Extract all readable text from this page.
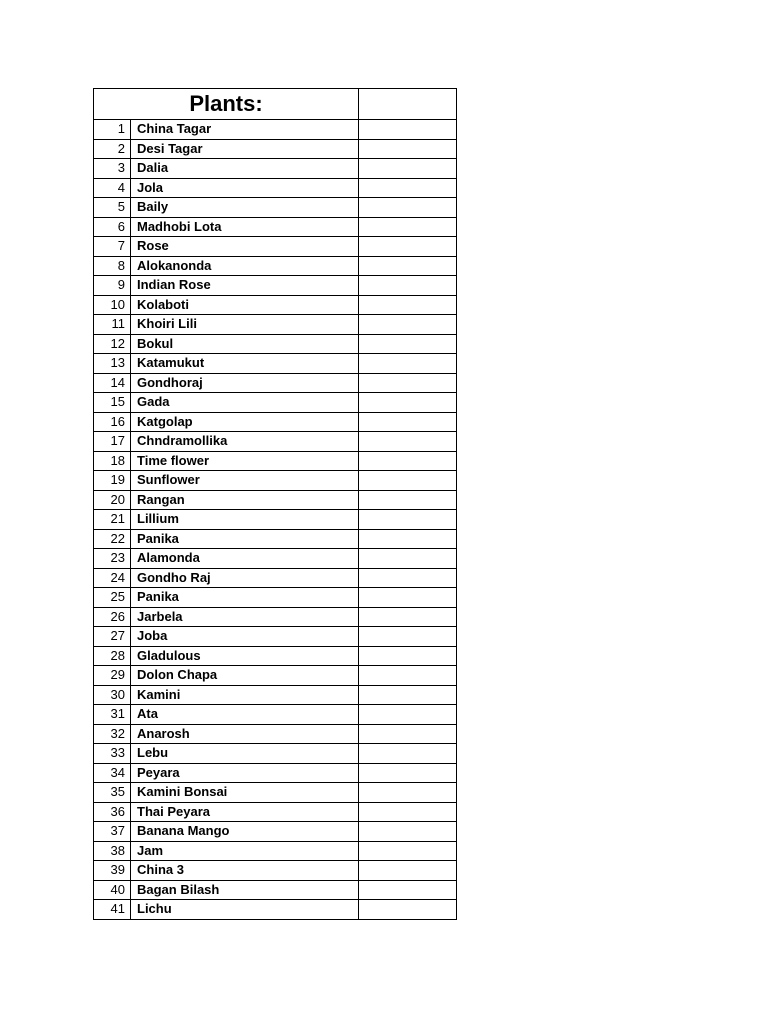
Plants:		
1	China Tagar	
2	Desi Tagar	
3	Dalia	
4	Jola	
5	Baily	
6	Madhobi Lota	
7	Rose	
8	Alokanonda	
9	Indian Rose	
10	Kolaboti	
11	Khoiri Lili	
12	Bokul	
13	Katamukut	
14	Gondhoraj	
15	Gada	
16	Katgolap	
17	Chndramollika	
18	Time flower	
19	Sunflower	
20	Rangan	
21	Lillium	
22	Panika	
23	Alamonda	
24	Gondho Raj	
25	Panika	
26	Jarbela	
27	Joba	
28	Gladulous	
29	Dolon Chapa	
30	Kamini	
31	Ata	
32	Anarosh	
33	Lebu	
34	Peyara	
35	Kamini Bonsai	
36	Thai Peyara	
37	Banana Mango	
38	Jam	
39	China 3	
40	Bagan Bilash	
41	Lichu	
